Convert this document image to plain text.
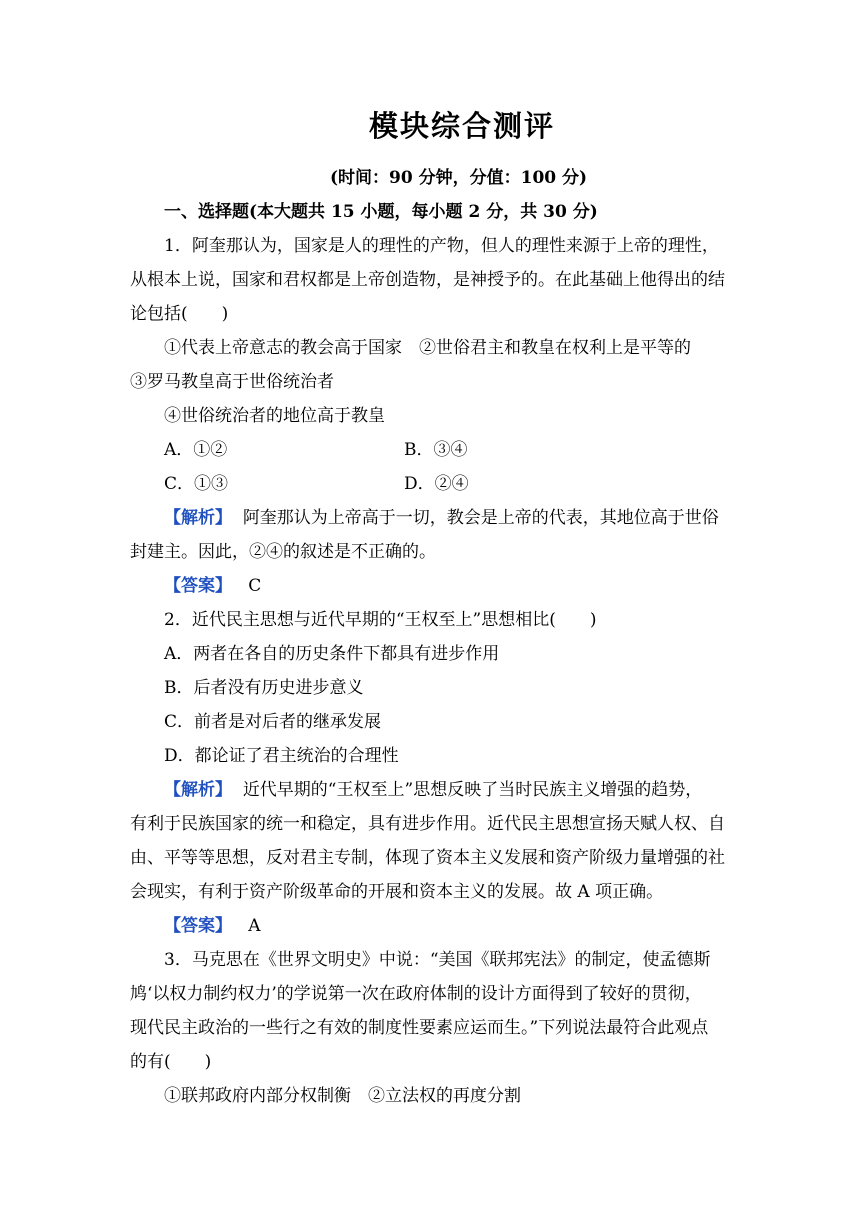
模块综合测评
(时间：90 分钟，分值：100 分)
一、选择题(本大题共 15 小题，每小题 2 分，共 30 分)
1．阿奎那认为，国家是人的理性的产物，但人的理性来源于上帝的理性，
从根本上说，国家和君权都是上帝创造物，是神授予的。在此基础上他得出的结
论包括(　　)
①代表上帝意志的教会高于国家　②世俗君主和教皇在权利上是平等的
③罗马教皇高于世俗统治者
④世俗统治者的地位高于教皇
A．①②	B．③④
C．①③	D．②④
【解析】 阿奎那认为上帝高于一切，教会是上帝的代表，其地位高于世俗
封建主。因此，②④的叙述是不正确的。
【答案】 C
2．近代民主思想与近代早期的“王权至上”思想相比(　　)
A．两者在各自的历史条件下都具有进步作用
B．后者没有历史进步意义
C．前者是对后者的继承发展
D．都论证了君主统治的合理性
【解析】 近代早期的“王权至上”思想反映了当时民族主义增强的趋势，
有利于民族国家的统一和稳定，具有进步作用。近代民主思想宣扬天赋人权、自
由、平等等思想，反对君主专制，体现了资本主义发展和资产阶级力量增强的社
会现实，有利于资产阶级革命的开展和资本主义的发展。故 A 项正确。
【答案】 A
3．马克思在《世界文明史》中说：“美国《联邦宪法》的制定，使孟德斯
鸠‘以权力制约权力’的学说第一次在政府体制的设计方面得到了较好的贯彻，
现代民主政治的一些行之有效的制度性要素应运而生。”下列说法最符合此观点
的有(　　)
①联邦政府内部分权制衡　②立法权的再度分割
